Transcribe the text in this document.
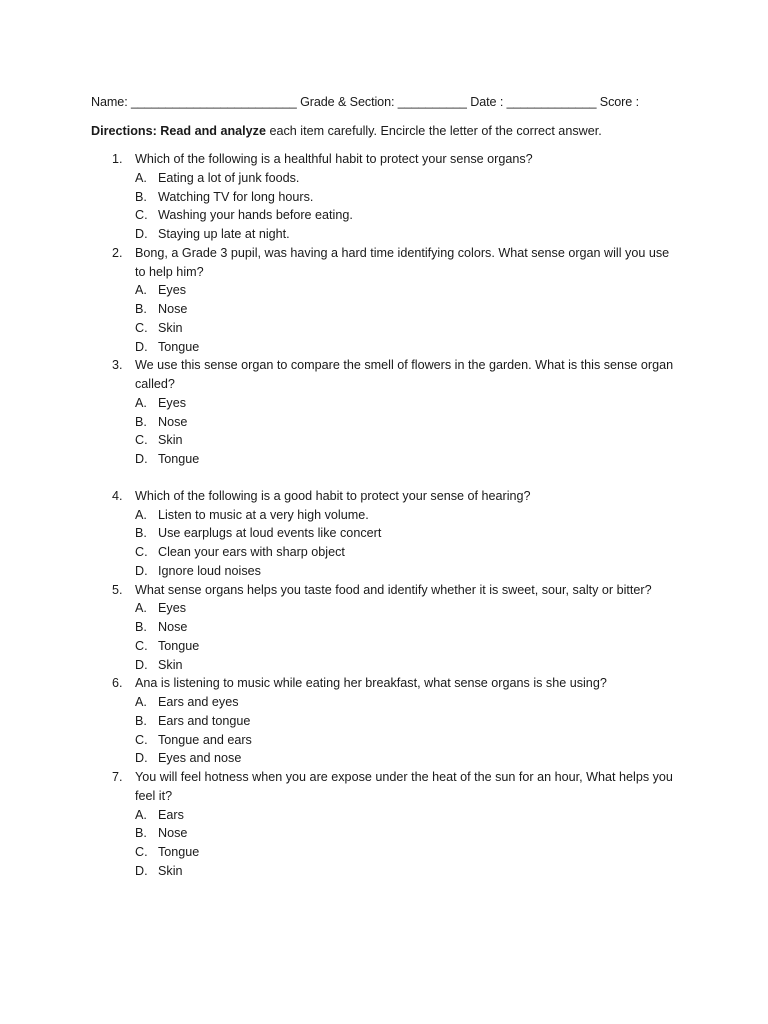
Name: ________________________ Grade & Section: __________ Date : _____________ Score :
Directions: Read and analyze each item carefully. Encircle the letter of the correct answer.
1. Which of the following is a healthful habit to protect your sense organs?
A. Eating a lot of junk foods.
B. Watching TV for long hours.
C. Washing your hands before eating.
D. Staying up late at night.
2. Bong, a Grade 3 pupil, was having a hard time identifying colors. What sense organ will you use to help him?
A. Eyes
B. Nose
C. Skin
D. Tongue
3. We use this sense organ to compare the smell of flowers in the garden. What is this sense organ called?
A. Eyes
B. Nose
C. Skin
D. Tongue
4. Which of the following is a good habit to protect your sense of hearing?
A. Listen to music at a very high volume.
B. Use earplugs at loud events like concert
C. Clean your ears with sharp object
D. Ignore loud noises
5. What sense organs helps you taste food and identify whether it is sweet, sour, salty or bitter?
A. Eyes
B. Nose
C. Tongue
D. Skin
6. Ana is listening to music while eating her breakfast, what sense organs is she using?
A. Ears and eyes
B. Ears and tongue
C. Tongue and ears
D. Eyes and nose
7. You will feel hotness when you are expose under the heat of the sun for an hour, What helps you feel it?
A. Ears
B. Nose
C. Tongue
D. Skin
